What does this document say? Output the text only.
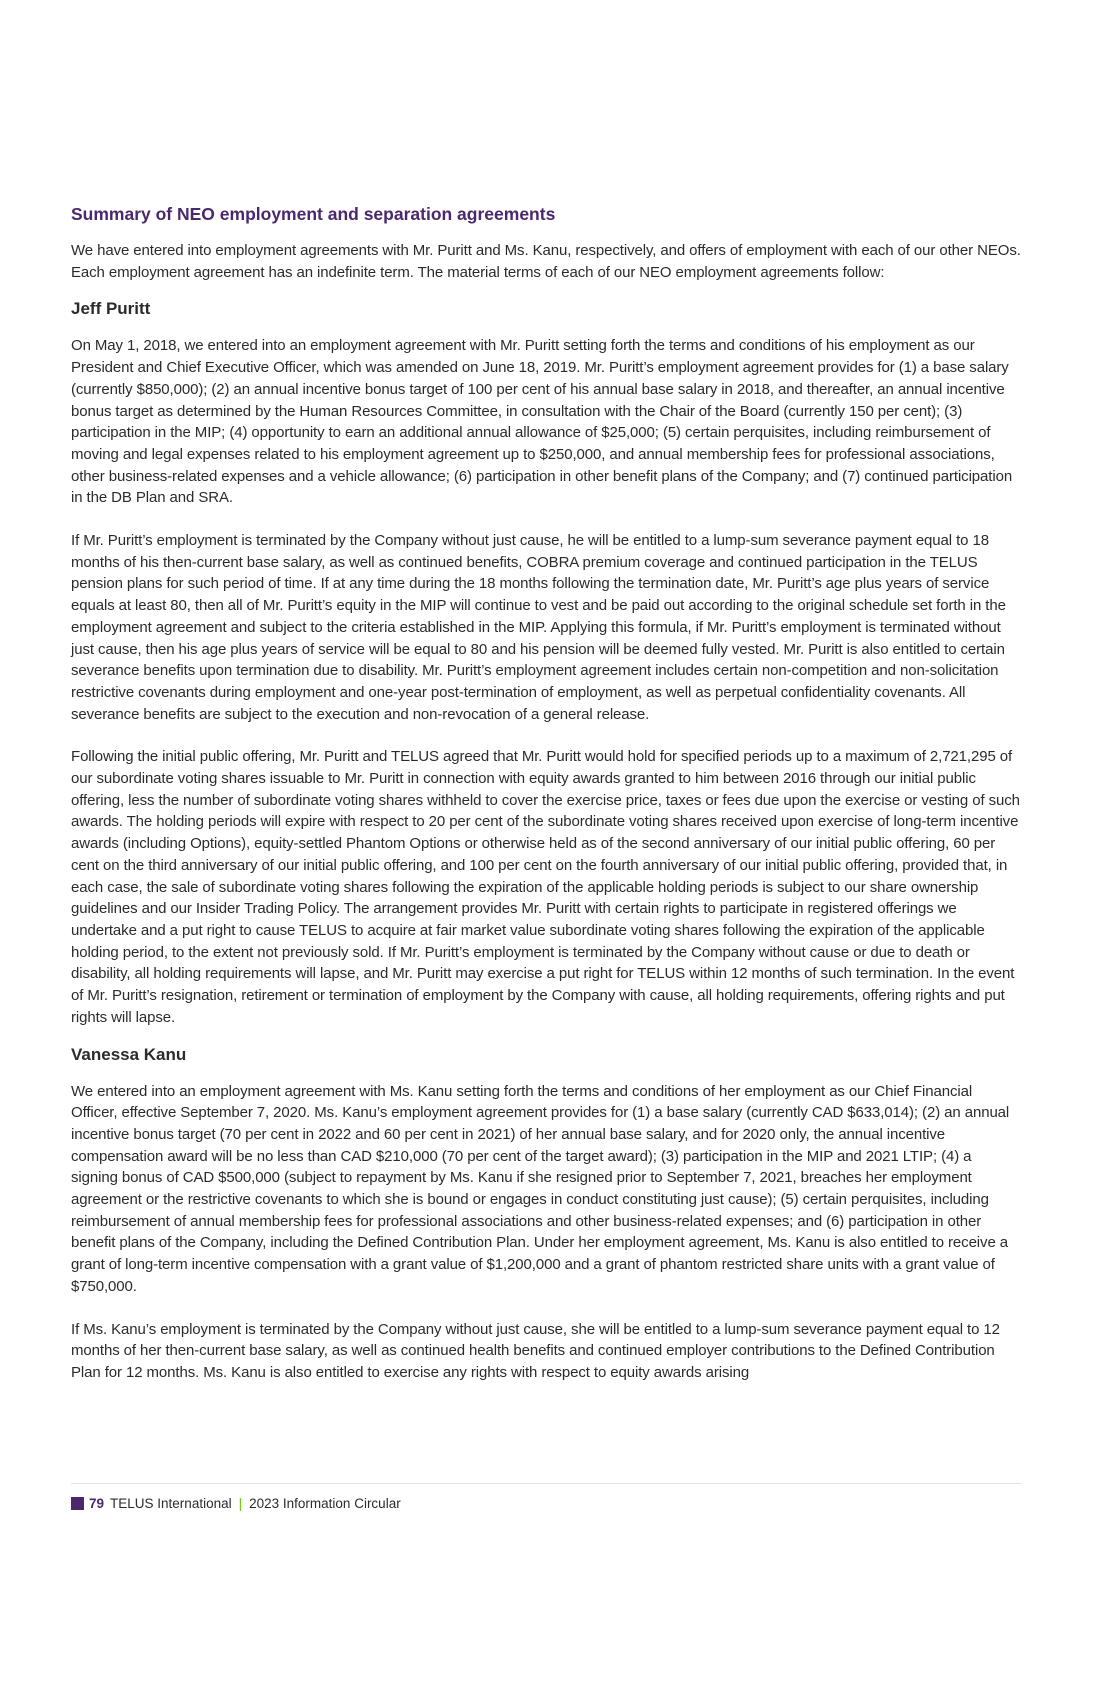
Summary of NEO employment and separation agreements

We have entered into employment agreements with Mr. Puritt and Ms. Kanu, respectively, and offers of employment with each of our other NEOs. Each employment agreement has an indefinite term. The material terms of each of our NEO employment agreements follow:

Jeff Puritt

On May 1, 2018, we entered into an employment agreement with Mr. Puritt setting forth the terms and conditions of his employment as our President and Chief Executive Officer, which was amended on June 18, 2019. Mr. Puritt’s employment agreement provides for (1) a base salary (currently $850,000); (2) an annual incentive bonus target of 100 per cent of his annual base salary in 2018, and thereafter, an annual incentive bonus target as determined by the Human Resources Committee, in consultation with the Chair of the Board (currently 150 per cent); (3) participation in the MIP; (4) opportunity to earn an additional annual allowance of $25,000; (5) certain perquisites, including reimbursement of moving and legal expenses related to his employment agreement up to $250,000, and annual membership fees for professional associations, other business-related expenses and a vehicle allowance; (6) participation in other benefit plans of the Company; and (7) continued participation in the DB Plan and SRA.

If Mr. Puritt’s employment is terminated by the Company without just cause, he will be entitled to a lump-sum severance payment equal to 18 months of his then-current base salary, as well as continued benefits, COBRA premium coverage and continued participation in the TELUS pension plans for such period of time. If at any time during the 18 months following the termination date, Mr. Puritt’s age plus years of service equals at least 80, then all of Mr. Puritt’s equity in the MIP will continue to vest and be paid out according to the original schedule set forth in the employment agreement and subject to the criteria established in the MIP. Applying this formula, if Mr. Puritt’s employment is terminated without just cause, then his age plus years of service will be equal to 80 and his pension will be deemed fully vested. Mr. Puritt is also entitled to certain severance benefits upon termination due to disability. Mr. Puritt’s employment agreement includes certain non-competition and non-solicitation restrictive covenants during employment and one-year post-termination of employment, as well as perpetual confidentiality covenants. All severance benefits are subject to the execution and non-revocation of a general release.

Following the initial public offering, Mr. Puritt and TELUS agreed that Mr. Puritt would hold for specified periods up to a maximum of 2,721,295 of our subordinate voting shares issuable to Mr. Puritt in connection with equity awards granted to him between 2016 through our initial public offering, less the number of subordinate voting shares withheld to cover the exercise price, taxes or fees due upon the exercise or vesting of such awards. The holding periods will expire with respect to 20 per cent of the subordinate voting shares received upon exercise of long-term incentive awards (including Options), equity-settled Phantom Options or otherwise held as of the second anniversary of our initial public offering, 60 per cent on the third anniversary of our initial public offering, and 100 per cent on the fourth anniversary of our initial public offering, provided that, in each case, the sale of subordinate voting shares following the expiration of the applicable holding periods is subject to our share ownership guidelines and our Insider Trading Policy. The arrangement provides Mr. Puritt with certain rights to participate in registered offerings we undertake and a put right to cause TELUS to acquire at fair market value subordinate voting shares following the expiration of the applicable holding period, to the extent not previously sold. If Mr. Puritt’s employment is terminated by the Company without cause or due to death or disability, all holding requirements will lapse, and Mr. Puritt may exercise a put right for TELUS within 12 months of such termination. In the event of Mr. Puritt’s resignation, retirement or termination of employment by the Company with cause, all holding requirements, offering rights and put rights will lapse.

Vanessa Kanu

We entered into an employment agreement with Ms. Kanu setting forth the terms and conditions of her employment as our Chief Financial Officer, effective September 7, 2020. Ms. Kanu’s employment agreement provides for (1) a base salary (currently CAD $633,014); (2) an annual incentive bonus target (70 per cent in 2022 and 60 per cent in 2021) of her annual base salary, and for 2020 only, the annual incentive compensation award will be no less than CAD $210,000 (70 per cent of the target award); (3) participation in the MIP and 2021 LTIP; (4) a signing bonus of CAD $500,000 (subject to repayment by Ms. Kanu if she resigned prior to September 7, 2021, breaches her employment agreement or the restrictive covenants to which she is bound or engages in conduct constituting just cause); (5) certain perquisites, including reimbursement of annual membership fees for professional associations and other business-related expenses; and (6) participation in other benefit plans of the Company, including the Defined Contribution Plan. Under her employment agreement, Ms. Kanu is also entitled to receive a grant of long-term incentive compensation with a grant value of $1,200,000 and a grant of phantom restricted share units with a grant value of $750,000.

If Ms. Kanu’s employment is terminated by the Company without just cause, she will be entitled to a lump-sum severance payment equal to 12 months of her then-current base salary, as well as continued health benefits and continued employer contributions to the Defined Contribution Plan for 12 months. Ms. Kanu is also entitled to exercise any rights with respect to equity awards arising

79 TELUS International | 2023 Information Circular
